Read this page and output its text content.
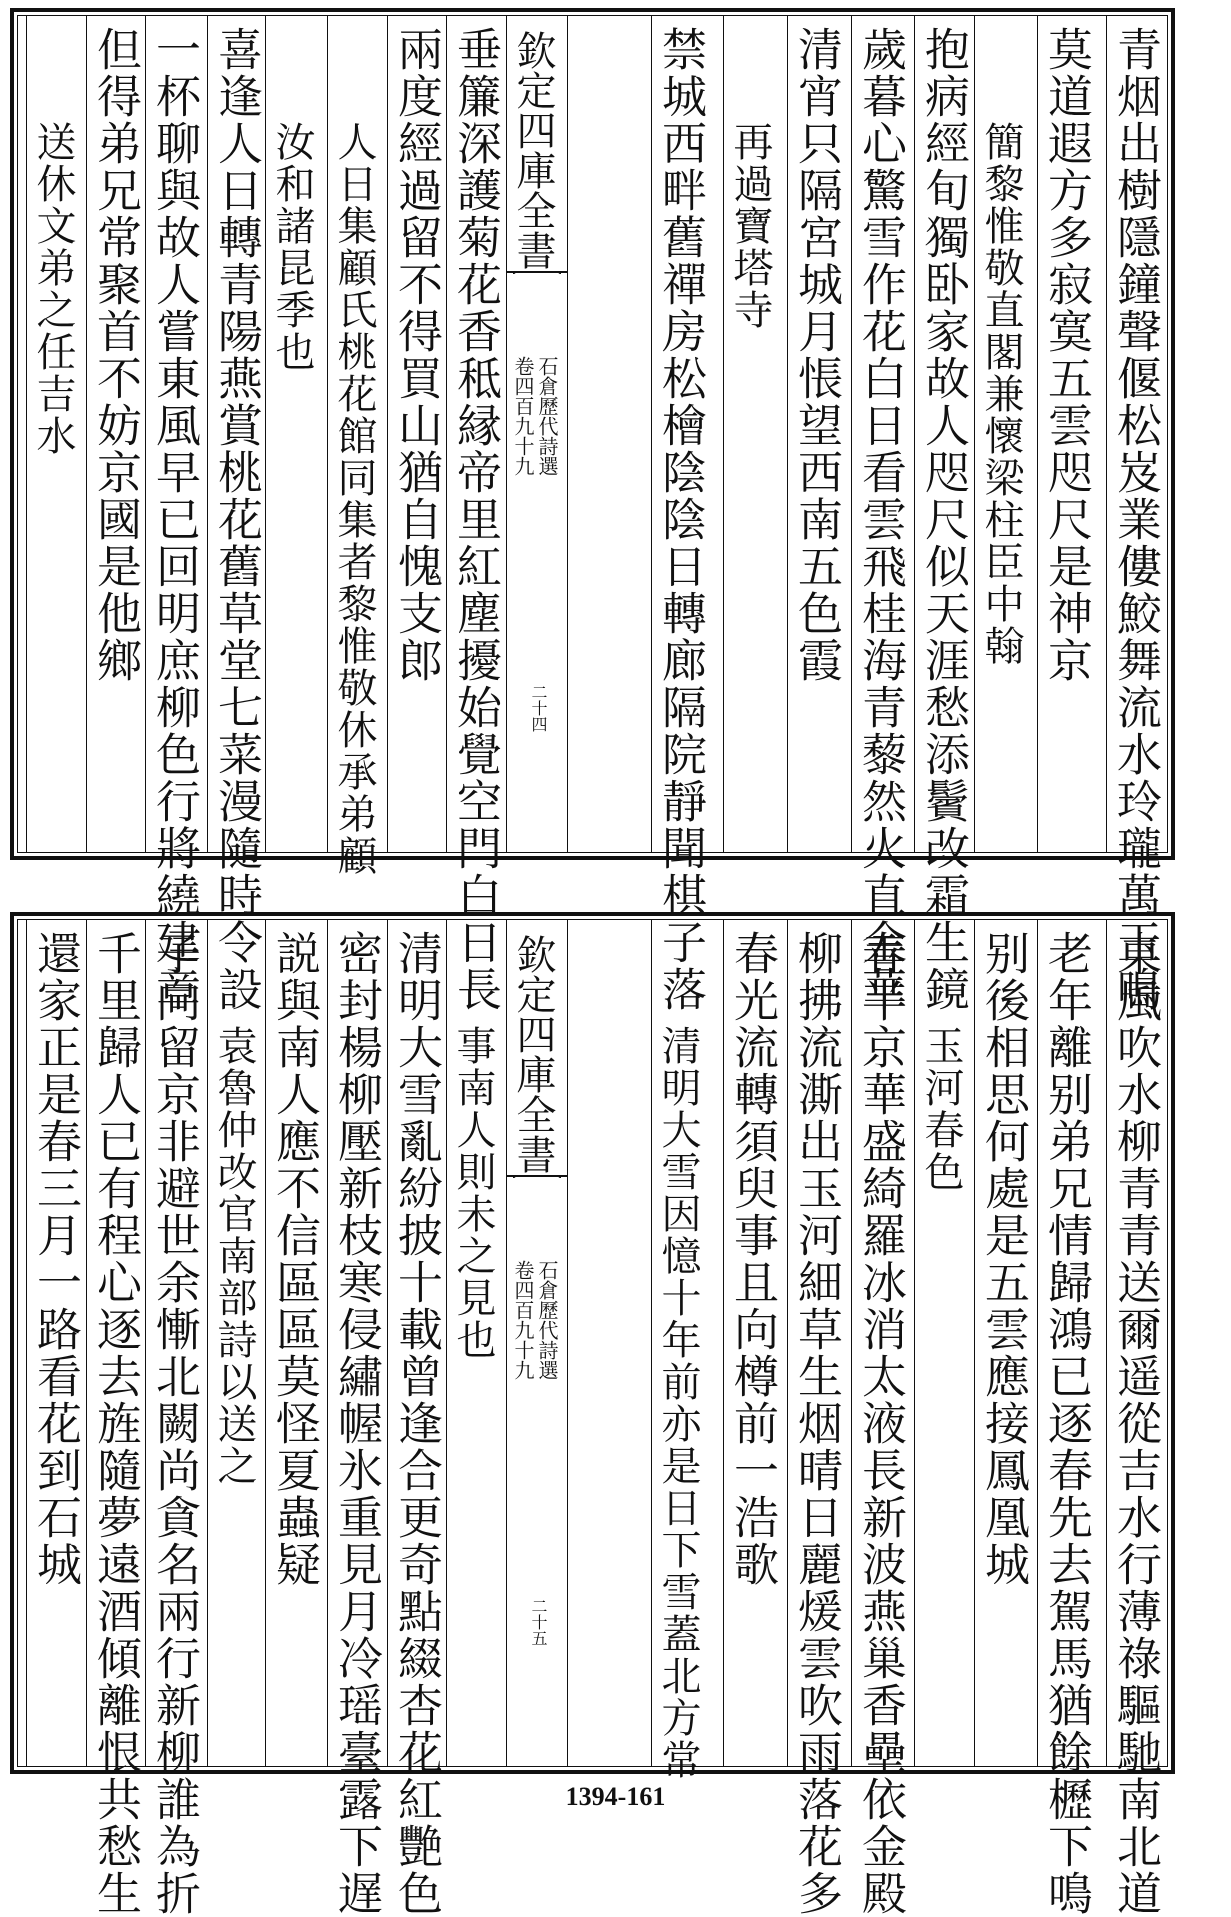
青烟出樹隱鐘聲偃松岌業僂鮫舞流水玲瓏萬玉鳴
莫道遐方多寂寞五雲咫尺是神京
簡黎惟敬直閣兼懷梁柱臣中翰
抱病經旬獨卧家故人咫尺似天涯愁添鬢改霜生鏡
歲暮心驚雪作花白日看雲飛桂海青藜然火直金華
清宵只隔宮城月悵望西南五色霞
再過寶塔寺
禁城西畔舊禪房松檜陰陰日轉廊隔院靜聞棋子落
垂簾深護菊花香秪縁帝里紅塵擾始覺空門白日長
兩度經過留不得買山猶自愧支郎
人日集顧氏桃花館同集者黎惟敬休承弟顧
汝和諸昆季也
喜逢人日轉青陽燕賞桃花舊草堂七菜漫隨時令設
一杯聊與故人嘗東風早已回明庶柳色行將繞建章
但得弟兄常聚首不妨京國是他鄉
送休文弟之任吉水	欽定四庫全書
石倉歷代詩選
卷四百九十九
二十四
東風吹水柳青青送爾遥從吉水行薄祿驅馳南北道
老年離别弟兄情歸鴻已逐春先去駕馬猶餘櫪下鳴
别後相思何處是五雲應接鳳凰城
玉河春色
春半京華盛綺羅冰消太液長新波燕巢香壘依金殿
柳拂流澌出玉河細草生烟晴日麗煖雲吹雨落花多
春光流轉須臾事且向樽前一浩歌
清明大雪因憶十年前亦是日下雪蓋北方常
事南人則未之見也
清明大雪亂紛披十載曾逢合更奇點綴杏花紅艷色
密封楊柳壓新枝寒侵繡幄氷重見月冷瑶臺露下遅
説與南人應不信區區莫怪夏蟲疑
袁魯仲改官南部詩以送之
子向留京非避世余慚北闕尚貪名兩行新柳誰為折
千里歸人已有程心逐去旌隨夢遠酒傾離恨共愁生
還家正是春三月一路看花到石城	欽定四庫全書
石倉歷代詩選
卷四百九十九
二十五
1394-161
